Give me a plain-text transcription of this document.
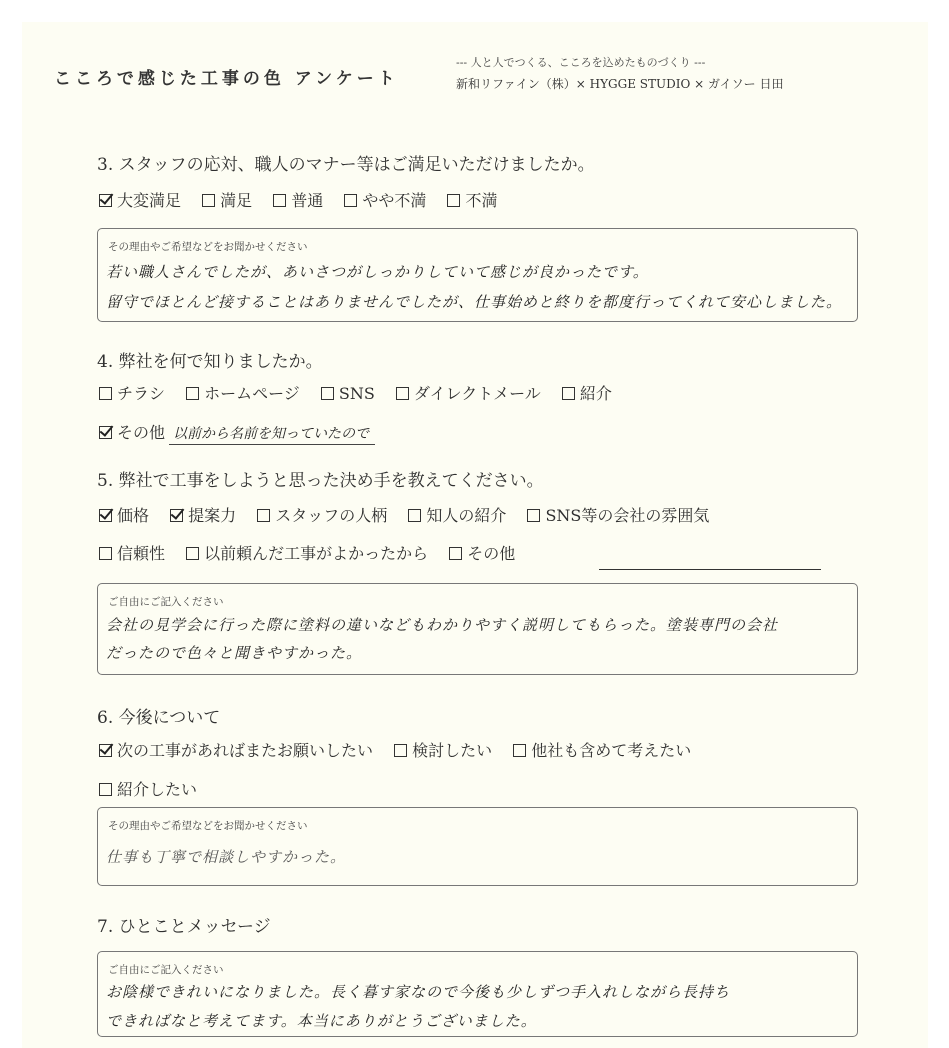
こころで感じた工事の色 アンケート
--- 人と人でつくる、こころを込めたものづくり ---
新和リファイン（株）× HYGGE STUDIO × ガイソー 日田
3. スタッフの応対、職人のマナー等はご満足いただけましたか。
大変満足 満足 普通 やや不満 不満
その理由やご希望などをお聞かせください
若い職人さんでしたが、あいさつがしっかりしていて感じが良かったです。
留守でほとんど接することはありませんでしたが、仕事始めと終りを都度行ってくれて安心しました。
4. 弊社を何で知りましたか。
チラシ ホームページ SNS ダイレクトメール 紹介
その他 以前から名前を知っていたので
5. 弊社で工事をしようと思った決め手を教えてください。
価格 提案力 スタッフの人柄 知人の紹介 SNS等の会社の雰囲気
信頼性 以前頼んだ工事がよかったから その他
ご自由にご記入ください
会社の見学会に行った際に塗料の違いなどもわかりやすく説明してもらった。塗装専門の会社
だったので色々と聞きやすかった。
6. 今後について
次の工事があればまたお願いしたい 検討したい 他社も含めて考えたい
紹介したい
その理由やご希望などをお聞かせください
仕事も丁寧で相談しやすかった。
7. ひとことメッセージ
ご自由にご記入ください
お陰様できれいになりました。長く暮す家なので今後も少しずつ手入れしながら長持ち
できればなと考えてます。本当にありがとうございました。
